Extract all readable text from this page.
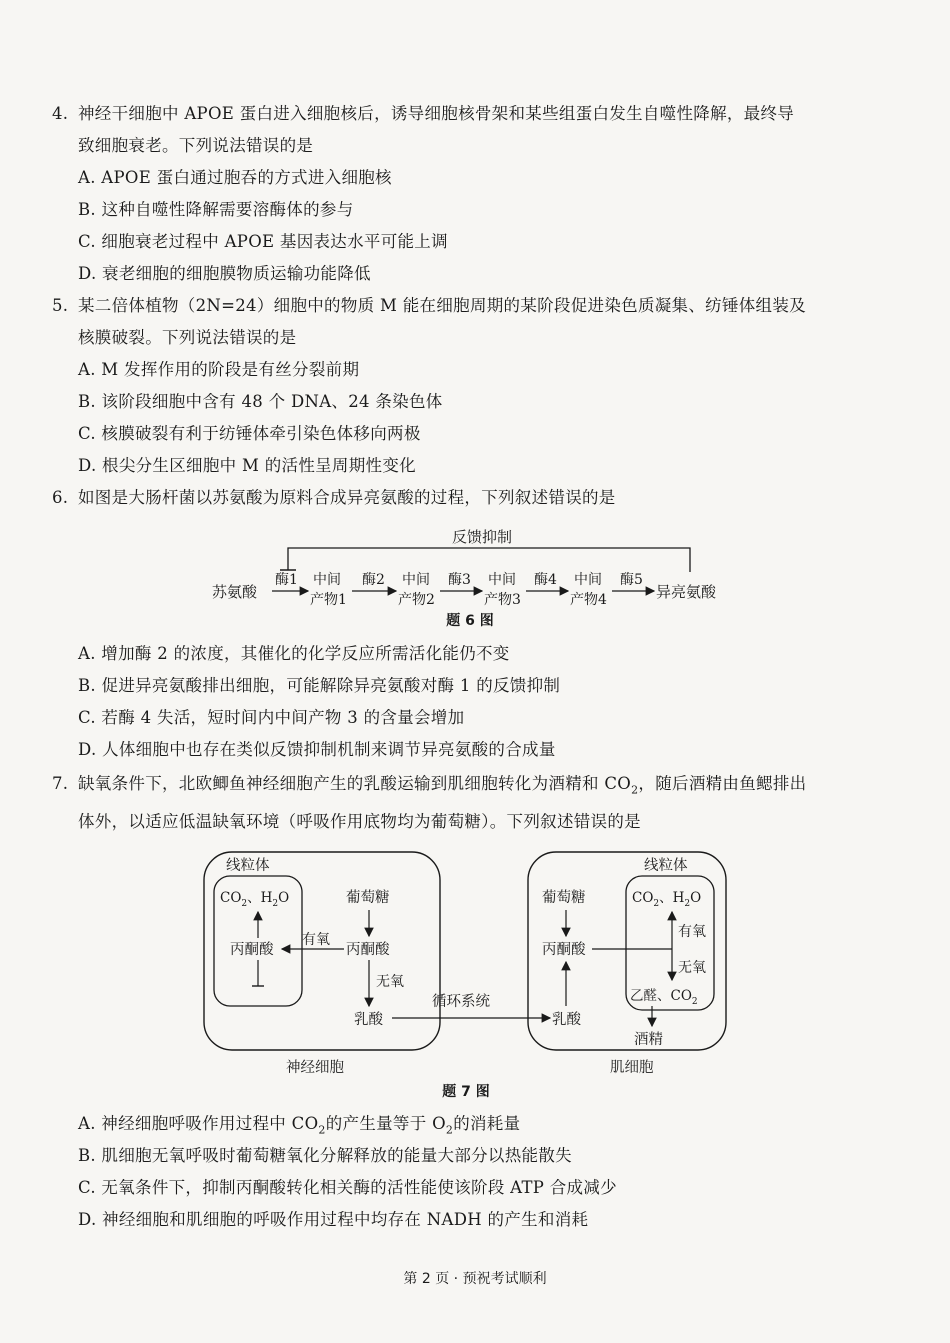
4. 神经干细胞中 APOE 蛋白进入细胞核后，诱导细胞核骨架和某些组蛋白发生自噬性降解，最终导
致细胞衰老。下列说法错误的是
A. APOE 蛋白通过胞吞的方式进入细胞核
B. 这种自噬性降解需要溶酶体的参与
C. 细胞衰老过程中 APOE 基因表达水平可能上调
D. 衰老细胞的细胞膜物质运输功能降低
5. 某二倍体植物（2N=24）细胞中的物质 M 能在细胞周期的某阶段促进染色质凝集、纺锤体组装及
核膜破裂。下列说法错误的是
A. M 发挥作用的阶段是有丝分裂前期
B. 该阶段细胞中含有 48 个 DNA、24 条染色体
C. 核膜破裂有利于纺锤体牵引染色体移向两极
D. 根尖分生区细胞中 M 的活性呈周期性变化
6. 如图是大肠杆菌以苏氨酸为原料合成异亮氨酸的过程，下列叙述错误的是
反馈抑制
苏氨酸
酶1 中间
产物1
酶2 中间
产物2
酶3 中间
产物3
酶4 中间
产物4
酶5
异亮氨酸
题 6 图
A. 增加酶 2 的浓度，其催化的化学反应所需活化能仍不变
B. 促进异亮氨酸排出细胞，可能解除异亮氨酸对酶 1 的反馈抑制
C. 若酶 4 失活，短时间内中间产物 3 的含量会增加
D. 人体细胞中也存在类似反馈抑制机制来调节异亮氨酸的合成量
7. 缺氧条件下，北欧鲫鱼神经细胞产生的乳酸运输到肌细胞转化为酒精和 $CO_2$，随后酒精由鱼鳃排出
体外，以适应低温缺氧环境（呼吸作用底物均为葡萄糖）。下列叙述错误的是
线粒体
$CO_2$、$H_2O$
丙酮酸
葡萄糖
丙酮酸
有氧
无氧
乳酸
神经细胞
循环系统
线粒体
葡萄糖
丙酮酸
乳酸
$CO_2$、$H_2O$
有氧
无氧
乙醛、$CO_2$
酒精
肌细胞
题 7 图
A. 神经细胞呼吸作用过程中 $CO_2$的产生量等于 $O_2$的消耗量
B. 肌细胞无氧呼吸时葡萄糖氧化分解释放的能量大部分以热能散失
C. 无氧条件下，抑制丙酮酸转化相关酶的活性能使该阶段 ATP 合成减少
D. 神经细胞和肌细胞的呼吸作用过程中均存在 NADH 的产生和消耗
第 2 页 · 预祝考试顺利
